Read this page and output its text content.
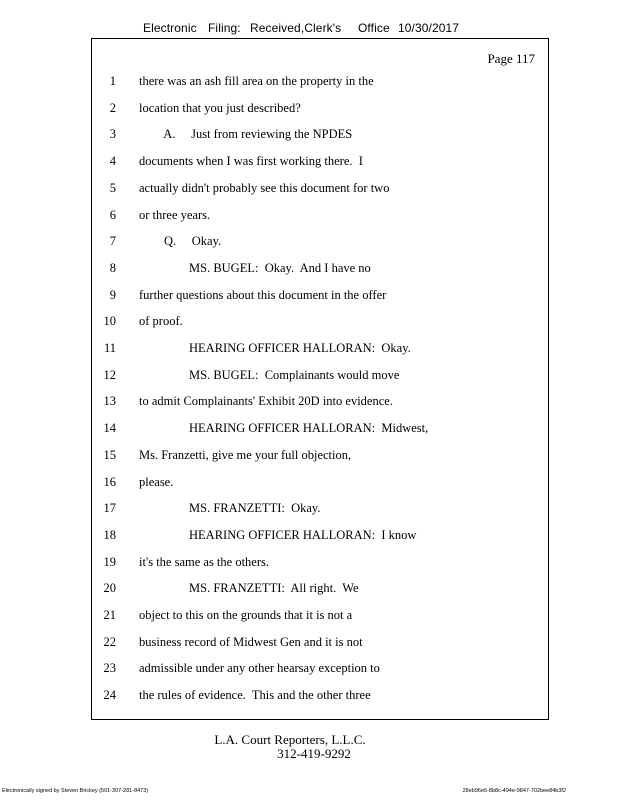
Electronic Filing: Received,Clerk's	Office 10/30/2017
Page 117
1 there was an ash fill area on the property in the
2 location that you just described?
3 A.     Just from reviewing the NPDES
4 documents when I was first working there.  I
5 actually didn't probably see this document for two
6 or three years.
7 Q.     Okay.
8 MS. BUGEL:  Okay.  And I have no
9 further questions about this document in the offer
10 of proof.
11 HEARING OFFICER HALLORAN:  Okay.
12 MS. BUGEL:  Complainants would move
13 to admit Complainants' Exhibit 20D into evidence.
14 HEARING OFFICER HALLORAN:  Midwest,
15 Ms. Franzetti, give me your full objection,
16 please.
17 MS. FRANZETTI:  Okay.
18 HEARING OFFICER HALLORAN:  I know
19 it's the same as the others.
20 MS. FRANZETTI:  All right.  We
21 object to this on the grounds that it is not a
22 business record of Midwest Gen and it is not
23 admissible under any other hearsay exception to
24 the rules of evidence.  This and the other three
L.A. Court Reporters, L.L.C.
312-419-9292
Electronically signed by Steven Brickey (501-307-281-8473)	28eb96e6-8b8c-494e-9847-702bee84b3f2
